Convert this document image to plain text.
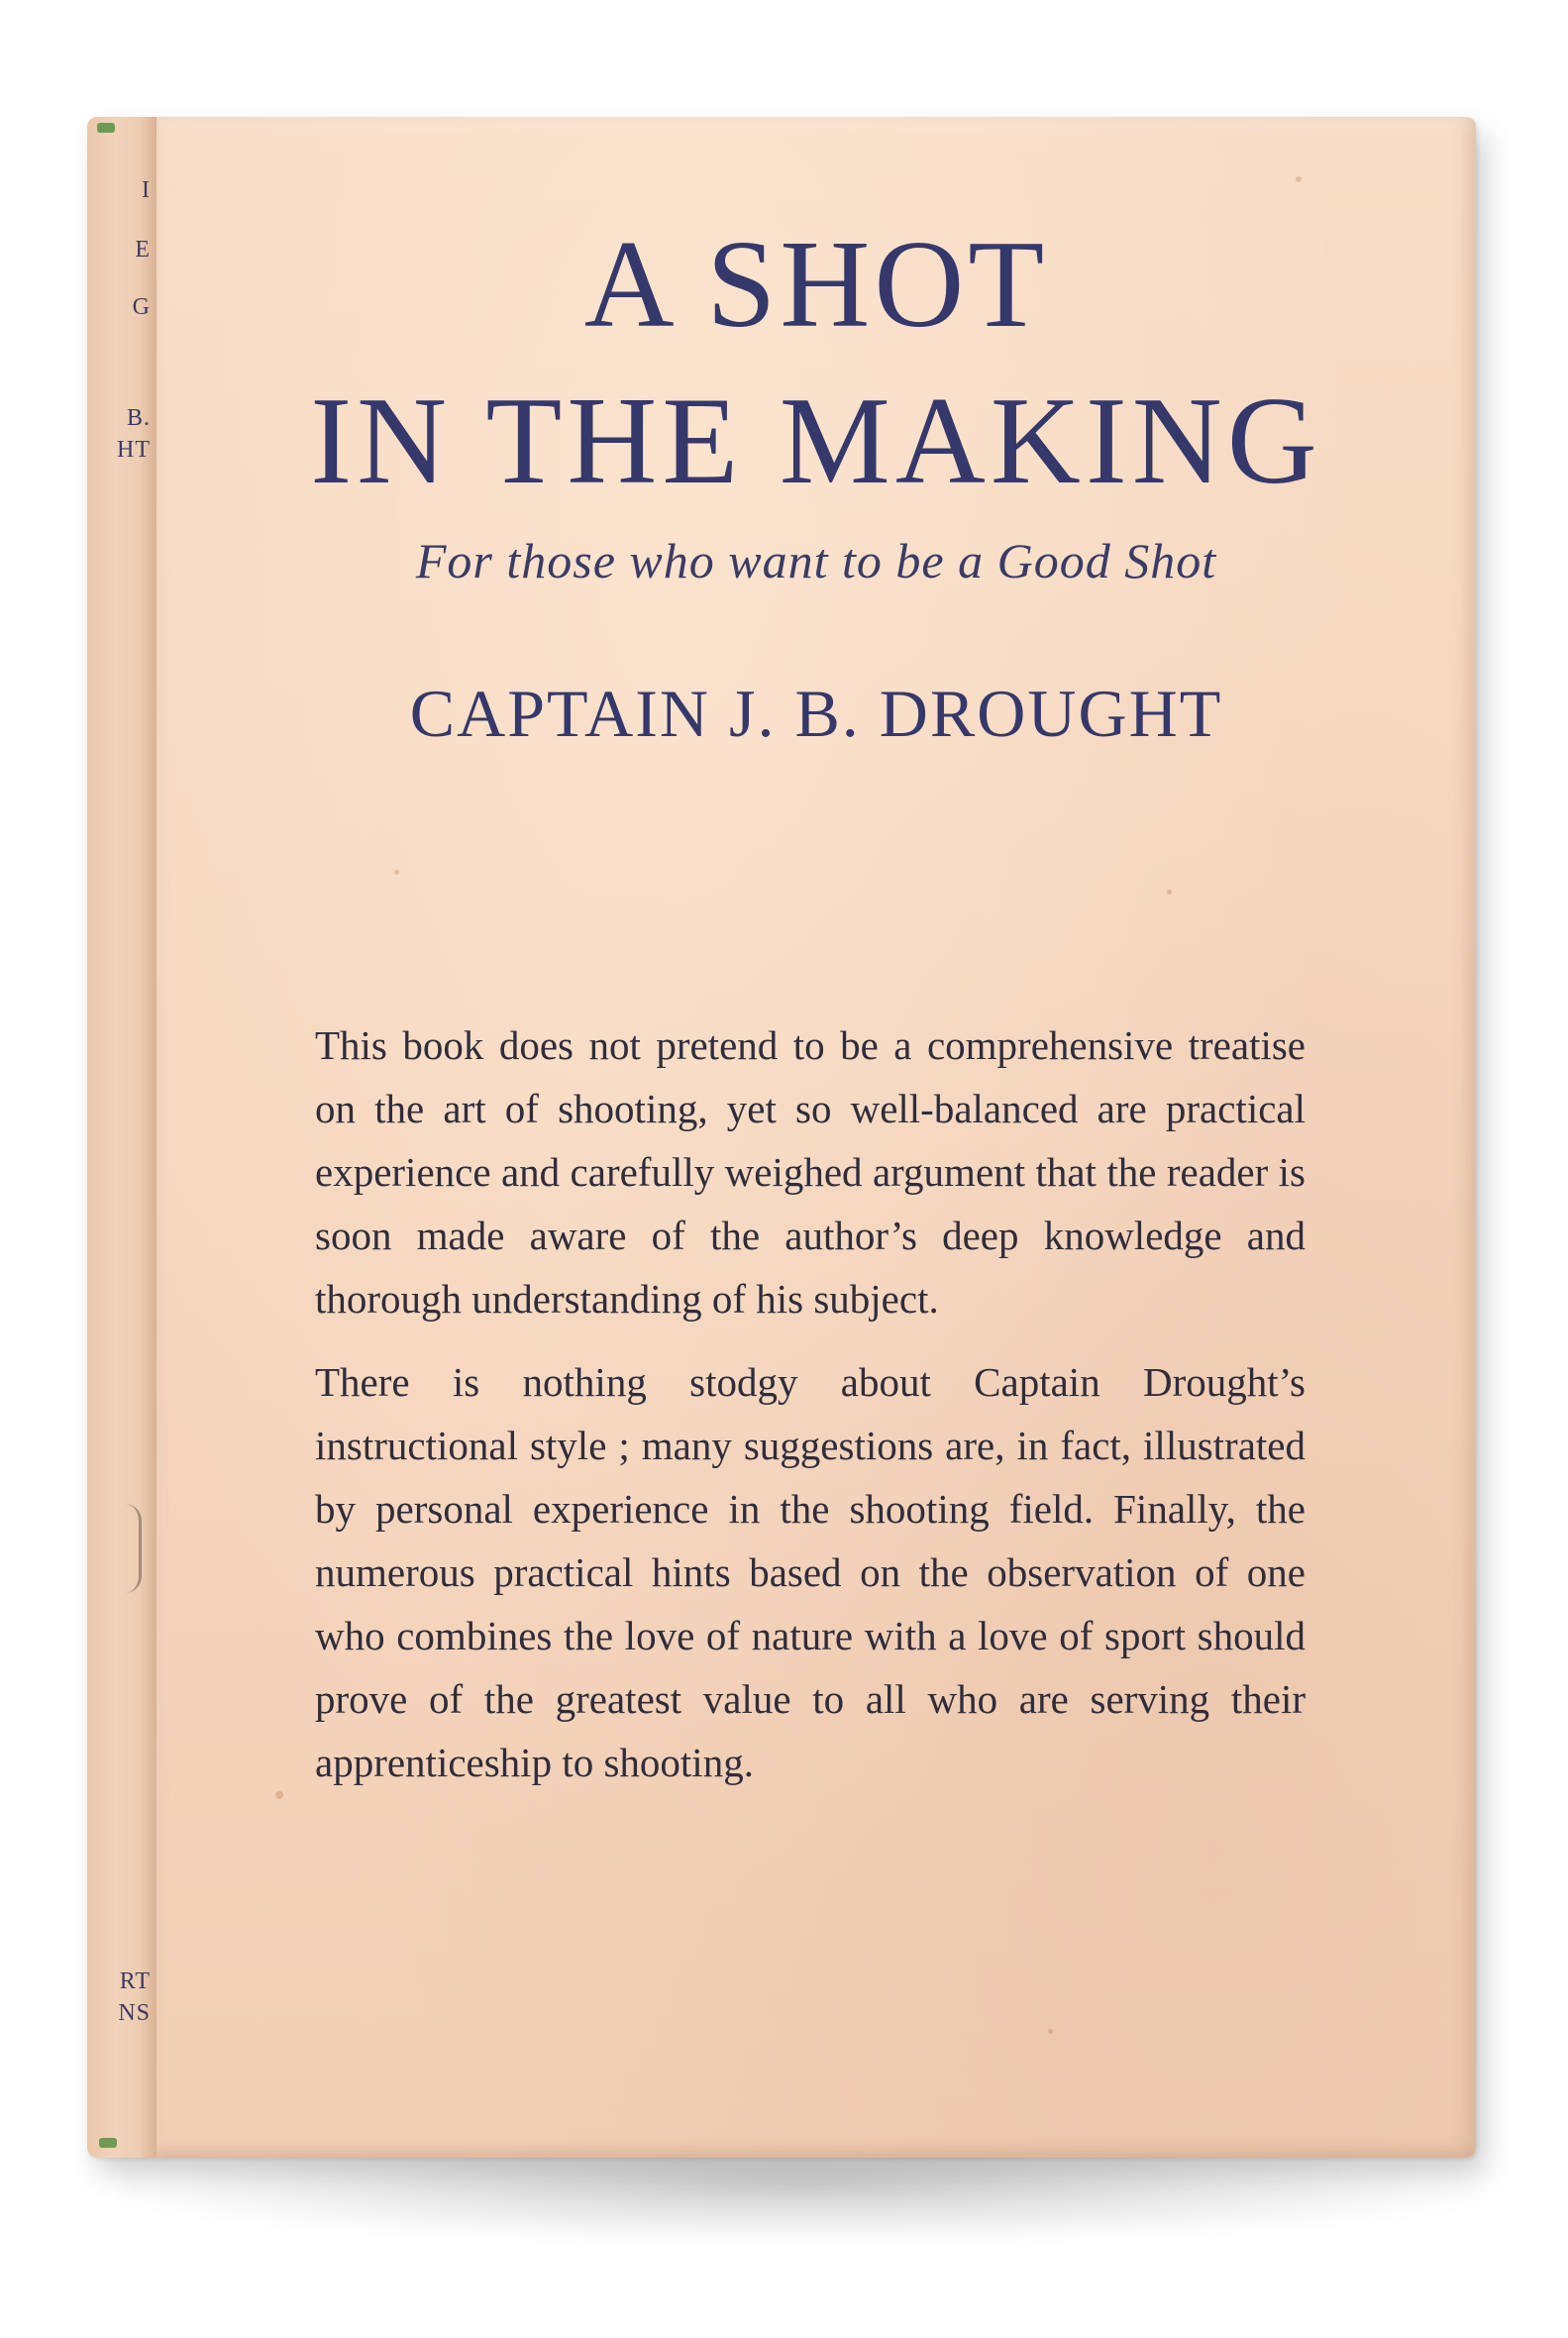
I
E
G
B.
HT
RT
NS
A SHOT
IN THE MAKING
For those who want to be a Good Shot
CAPTAIN J. B. DROUGHT

This book does not pretend to be a comprehensive treatise on the art of shooting, yet so well-balanced are practical experience and carefully weighed argument that the reader is soon made aware of the author’s deep knowledge and thorough understanding of his subject.

There is nothing stodgy about Captain Drought’s instructional style ; many suggestions are, in fact, illustrated by personal experience in the shooting field. Finally, the numerous practical hints based on the observation of one who combines the love of nature with a love of sport should prove of the greatest value to all who are serving their apprenticeship to shooting.
